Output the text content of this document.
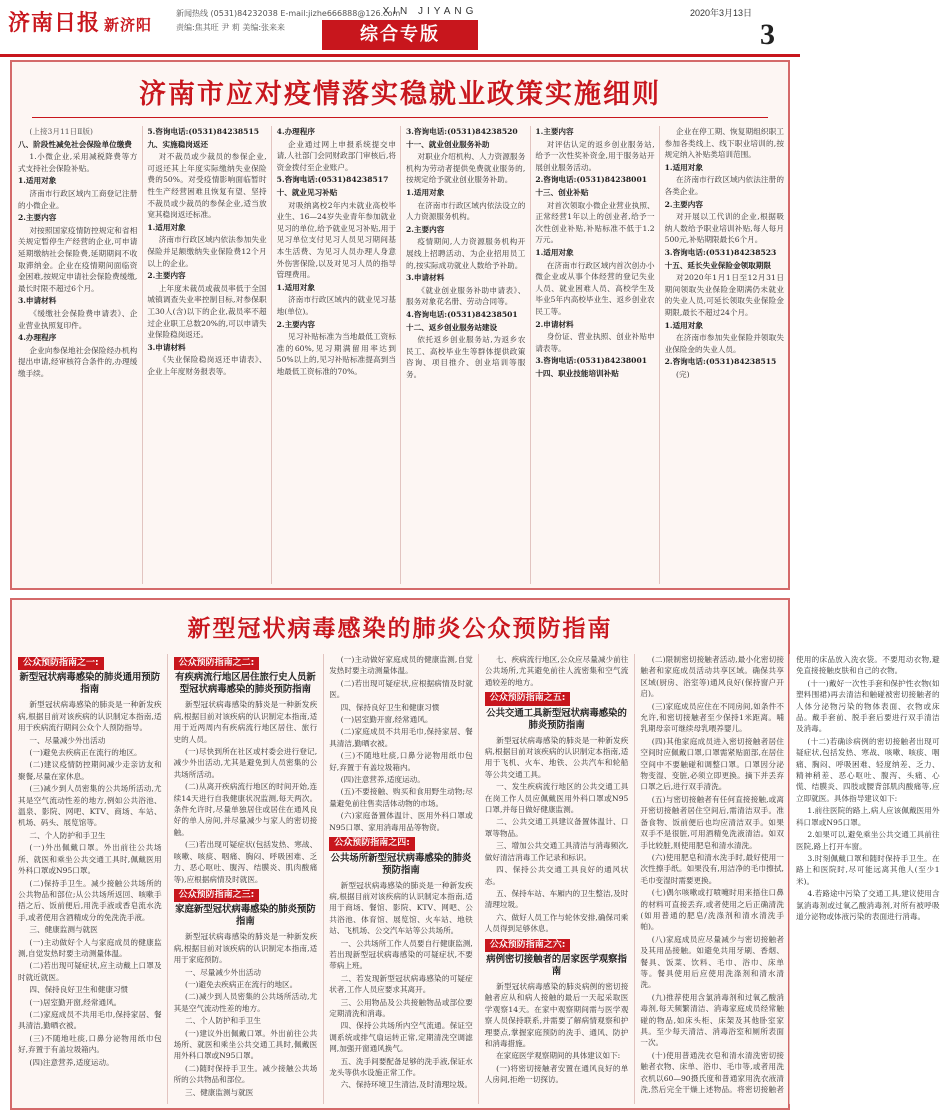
济南日报 新济阳
新闻热线 (0531)84232038 E-mail:jizhe666888@126.com
责编:焦其旺 尹 莉 美编:张来来
XIN JIYANG	2020年3月13日
综合专版	3
济南市应对疫情落实稳就业政策实施细则

(上接3月11日Ⅱ版)

八、阶段性减免社会保险单位缴费

1.小微企业,采用减税降费等方式支持社会保险补贴。

1.适用对象

济南市行政区域内工商登记注册的小微企业。

2.主要内容

对按照国家疫情防控规定和省相关规定暂停生产经营的企业,可申请延期缴纳社会保险费,延期期间不收取滞纳金。企业在疫情期间面临资金困难,按规定申请社会保险费缓缴,最长时限不超过6个月。

3.申请材料

《缓缴社会保险费申请表》、企业营业执照复印件。

4.办理程序

企业向参保地社会保险经办机构提出申请,经审核符合条件的,办理缓缴手续。

5.咨询电话:(0531)84238515

九、实施稳岗返还

对不裁员或少裁员的参保企业,可返还其上年度实际缴纳失业保险费的50%。对受疫情影响面临暂时性生产经营困难且恢复有望、坚持不裁员或少裁员的参保企业,适当放宽其稳岗返还标准。

1.适用对象

济南市行政区域内依法参加失业保险并足额缴纳失业保险费12个月以上的企业。

2.主要内容

上年度未裁员或裁员率低于全国城镇调查失业率控制目标,对参保职工30人(含)以下的企业,裁员率不超过企业职工总数20%的,可以申请失业保险稳岗返还。

3.申请材料

《失业保险稳岗返还申请表》、企业上年度财务报表等。

4.办理程序

企业通过网上申报系统提交申请,人社部门会同财政部门审核后,将资金拨付至企业账户。

5.咨询电话:(0531)84238517

十、就业见习补贴

对吸纳离校2年内未就业高校毕业生、16—24岁失业青年参加就业见习的单位,给予就业见习补贴,用于见习单位支付见习人员见习期间基本生活费、为见习人员办理人身意外伤害保险,以及对见习人员的指导管理费用。

1.适用对象

济南市行政区域内的就业见习基地(单位)。

2.主要内容

见习补贴标准为当地最低工资标准的60%,见习期满留用率达到50%以上的,见习补贴标准提高到当地最低工资标准的70%。

3.咨询电话:(0531)84238520

十一、就业创业服务补助

对职业介绍机构、人力资源服务机构为劳动者提供免费就业服务的,按规定给予就业创业服务补助。

1.适用对象

在济南市行政区域内依法设立的人力资源服务机构。

2.主要内容

疫情期间,人力资源服务机构开展线上招聘活动、为企业招用员工的,按实际成功就业人数给予补助。

3.申请材料

《就业创业服务补助申请表》、服务对象花名册、劳动合同等。

4.咨询电话:(0531)84238501

十二、返乡创业服务站建设

依托返乡创业服务站,为返乡农民工、高校毕业生等群体提供政策咨询、项目推介、创业培训等服务。

1.主要内容

对评估认定的返乡创业服务站,给予一次性奖补资金,用于服务站开展创业服务活动。

2.咨询电话:(0531)84238001

十三、创业补贴

对首次领取小微企业营业执照、正常经营1年以上的创业者,给予一次性创业补贴,补贴标准不低于1.2万元。

1.适用对象

在济南市行政区域内首次创办小微企业或从事个体经营的登记失业人员、就业困难人员、高校学生及毕业5年内高校毕业生、返乡创业农民工等。

2.申请材料

身份证、营业执照、创业补贴申请表等。

3.咨询电话:(0531)84238001

十四、职业技能培训补贴

企业在停工期、恢复期组织职工参加各类线上、线下职业培训的,按规定纳入补贴类培训范围。

1.适用对象

在济南市行政区域内依法注册的各类企业。

2.主要内容

对开展以工代训的企业,根据吸纳人数给予职业培训补贴,每人每月500元,补贴期限最长6个月。

3.咨询电话:(0531)84238523

十五、延长失业保险金领取期限

对2020年1月1日至12月31日期间领取失业保险金期满仍未就业的失业人员,可延长领取失业保险金期限,最长不超过24个月。

1.适用对象

在济南市参加失业保险并领取失业保险金的失业人员。

2.咨询电话:(0531)84238515

(完)

新型冠状病毒感染的肺炎公众预防指南
公众预防指南之一:
新型冠状病毒感染的肺炎通用预防指南

新型冠状病毒感染的肺炎是一种新发疾病,根据目前对该疾病的认识制定本指南,适用于疾病流行期间公众个人预防指导。

一、尽量减少外出活动

(一)避免去疾病正在流行的地区。

(二)建议疫情防控期间减少走亲访友和聚餐,尽量在家休息。

(三)减少到人员密集的公共场所活动,尤其是空气流动性差的地方,例如公共浴池、温泉、影院、网吧、KTV、商场、车站、机场、码头、展览馆等。

二、个人防护和手卫生

(一)外出佩戴口罩。外出前往公共场所、就医和乘坐公共交通工具时,佩戴医用外科口罩或N95口罩。

(二)保持手卫生。减少接触公共场所的公共物品和部位;从公共场所返回、咳嗽手捂之后、饭前便后,用洗手液或香皂流水洗手,或者使用含酒精成分的免洗洗手液。

三、健康监测与就医

(一)主动做好个人与家庭成员的健康监测,自觉发热时要主动测量体温。

(二)若出现可疑症状,应主动戴上口罩及时就近就医。

四、保持良好卫生和健康习惯

(一)居室勤开窗,经常通风。

(二)家庭成员不共用毛巾,保持家居、餐具清洁,勤晒衣被。

(三)不随地吐痰,口鼻分泌物用纸巾包好,弃置于有盖垃圾箱内。

(四)注意营养,适度运动。

公众预防指南之二:
有疾病流行地区居住旅行史人员新型冠状病毒感染的肺炎预防指南

新型冠状病毒感染的肺炎是一种新发疾病,根据目前对该疾病的认识制定本指南,适用于近两周内有疾病流行地区居住、旅行史的人员。

(一)尽快到所在社区或村委会进行登记,减少外出活动,尤其是避免到人员密集的公共场所活动。

(二)从离开疾病流行地区的时间开始,连续14天进行自我健康状况监测,每天两次。条件允许时,尽量单独居住或居住在通风良好的单人房间,并尽量减少与家人的密切接触。

(三)若出现可疑症状(包括发热、寒战、咳嗽、咳痰、咽痛、胸闷、呼吸困难、乏力、恶心呕吐、腹泻、结膜炎、肌肉酸痛等),应根据病情及时就医。

公众预防指南之三:
家庭新型冠状病毒感染的肺炎预防指南

新型冠状病毒感染的肺炎是一种新发疾病,根据目前对该疾病的认识制定本指南,适用于家庭预防。

一、尽量减少外出活动

(一)避免去疾病正在流行的地区。

(二)减少到人员密集的公共场所活动,尤其是空气流动性差的地方。

二、个人防护和手卫生

(一)建议外出佩戴口罩。外出前往公共场所、就医和乘坐公共交通工具时,佩戴医用外科口罩或N95口罩。

(二)随时保持手卫生。减少接触公共场所的公共物品和部位。

三、健康监测与就医

(一)主动做好家庭成员的健康监测,自觉发热时要主动测量体温。

(二)若出现可疑症状,应根据病情及时就医。

四、保持良好卫生和健康习惯

(一)居室勤开窗,经常通风。

(二)家庭成员不共用毛巾,保持家居、餐具清洁,勤晒衣被。

(三)不随地吐痰,口鼻分泌物用纸巾包好,弃置于有盖垃圾箱内。

(四)注意营养,适度运动。

(五)不要接触、购买和食用野生动物;尽量避免前往售卖活体动物的市场。

(六)家庭备置体温计、医用外科口罩或N95口罩、家用消毒用品等物资。

公众预防指南之四:
公共场所新型冠状病毒感染的肺炎预防指南

新型冠状病毒感染的肺炎是一种新发疾病,根据目前对该疾病的认识制定本指南,适用于商场、餐馆、影院、KTV、网吧、公共浴池、体育馆、展览馆、火车站、地铁站、飞机场、公交汽车站等公共场所。

一、公共场所工作人员要自行健康监测,若出现新型冠状病毒感染的可疑症状,不要带病上班。

二、若发现新型冠状病毒感染的可疑症状者,工作人员应要求其离开。

三、公用物品及公共接触物品或部位要定期清洗和消毒。

四、保持公共场所内空气流通。保证空调系统或排气扇运转正常,定期清洗空调滤网,加强开窗通风换气。

五、洗手间要配备足够的洗手液,保证水龙头等供水设施正常工作。

六、保持环境卫生清洁,及时清理垃圾。

七、疾病流行地区,公众应尽量减少前往公共场所,尤其避免前往人流密集和空气流通较差的地方。

公众预防指南之五:
公共交通工具新型冠状病毒感染的肺炎预防指南

新型冠状病毒感染的肺炎是一种新发疾病,根据目前对该疾病的认识制定本指南,适用于飞机、火车、地铁、公共汽车和轮船等公共交通工具。

一、发生疾病流行地区的公共交通工具在岗工作人员应佩戴医用外科口罩或N95口罩,并每日做好健康监测。

二、公共交通工具建议备置体温计、口罩等物品。

三、增加公共交通工具清洁与消毒频次,做好清洁消毒工作记录和标识。

四、保持公共交通工具良好的通风状态。

五、保持车站、车厢内的卫生整洁,及时清理垃圾。

六、做好人员工作与轮休安排,确保司乘人员得到足够休息。

公众预防指南之六:
病例密切接触者的居家医学观察指南

新型冠状病毒感染的肺炎病例的密切接触者应从和病人接触的最后一天起采取医学观察14天。在家中观察期间需与医学观察人员保持联系,并需要了解病情观察和护理要点,掌握家庭预防的洗手、通风、防护和消毒措施。

在家庭医学观察期间的具体建议如下:

(一)将密切接触者安置在通风良好的单人房间,拒绝一切探访。

(二)限制密切接触者活动,最小化密切接触者和家庭成员活动共享区域。确保共享区域(厨房、浴室等)通风良好(保持窗户开启)。

(三)家庭成员应住在不同房间,如条件不允许,和密切接触者至少保持1米距离。哺乳期母亲可继续母乳喂养婴儿。

(四)其他家庭成员进入密切接触者居住空间时应佩戴口罩,口罩需紧贴面部,在居住空间中不要触碰和调整口罩。口罩因分泌物变湿、变脏,必须立即更换。摘下并丢弃口罩之后,进行双手清洗。

(五)与密切接触者有任何直接接触,或离开密切接触者居住空间后,需清洁双手。准备食物、饭前便后也均应清洁双手。如果双手不是很脏,可用酒精免洗液清洁。如双手比较脏,则使用肥皂和清水清洗。

(六)使用肥皂和清水洗手时,最好使用一次性擦手纸。如果没有,用洁净的毛巾擦拭,毛巾变湿时需要更换。

(七)偶尔咳嗽或打喷嚏时用来捂住口鼻的材料可直接丢弃,或者使用之后正确清洗(如用普通的肥皂/洗涤剂和清水清洗手帕)。

(八)家庭成员应尽量减少与密切接触者及其用品接触。如避免共用牙刷、香烟、餐具、饭菜、饮料、毛巾、浴巾、床单等。餐具使用后应使用洗涤剂和清水清洗。

(九)推荐使用含氯消毒剂和过氧乙酸消毒剂,每天频繁清洁、消毒家庭成员经常触碰的物品,如床头柜、床架及其他卧室家具。至少每天清洁、消毒浴室和厕所表面一次。

(十)使用普通洗衣皂和清水清洗密切接触者衣物、床单、浴巾、毛巾等,或者用洗衣机以60—90摄氏度和普通家用洗衣液清洗,然后完全干燥上述物品。将密切接触者使用的床品放入洗衣袋。不要甩动衣物,避免直接接触皮肤和自己的衣物。

(十一)戴好一次性手套和保护性衣物(如塑料围裙)再去清洁和触碰被密切接触者的人体分泌物污染的物体表面、衣物或床品。戴手套前、脱手套后要进行双手清洁及消毒。

(十二)若确诊病例的密切接触者出现可疑症状,包括发热、寒战、咳嗽、咳痰、咽痛、胸闷、呼吸困难、轻度纳差、乏力、精神稍差、恶心呕吐、腹泻、头痛、心慌、结膜炎、四肢或腰背部肌肉酸痛等,应立即就医。具体指导建议如下:

1.前往医院的路上,病人应该佩戴医用外科口罩或N95口罩。

2.如果可以,避免乘坐公共交通工具前往医院,路上打开车窗。

3.时刻佩戴口罩和随时保持手卫生。在路上和医院时,尽可能远离其他人(至少1米)。

4.若路途中污染了交通工具,建议使用含氯消毒剂或过氧乙酸消毒剂,对所有被呼吸道分泌物或体液污染的表面进行消毒。
